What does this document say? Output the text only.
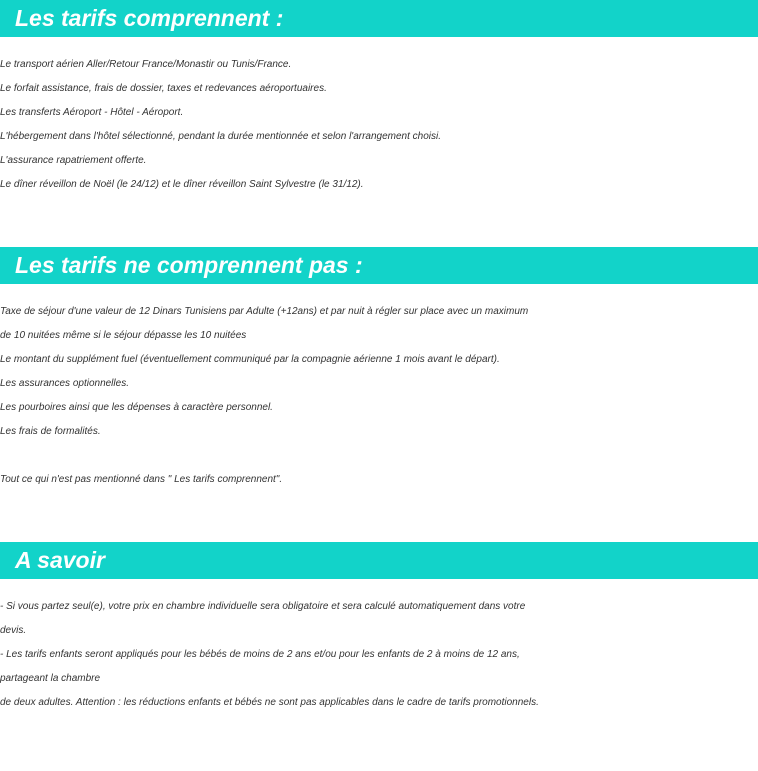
Les tarifs comprennent :

Le transport aérien Aller/Retour France/Monastir ou Tunis/France.

Le forfait assistance, frais de dossier, taxes et redevances aéroportuaires.

Les transferts Aéroport - Hôtel - Aéroport.

L'hébergement dans l'hôtel sélectionné, pendant la durée mentionnée et selon l'arrangement choisi.

L'assurance rapatriement offerte.

Le dîner réveillon de Noël (le 24/12) et le dîner réveillon Saint Sylvestre (le 31/12).

Les tarifs ne comprennent pas :

Taxe de séjour d'une valeur de 12 Dinars Tunisiens par Adulte (+12ans) et par nuit à régler sur place avec un maximum

de 10 nuitées même si le séjour dépasse les 10 nuitées

Le montant du supplément fuel (éventuellement communiqué par la compagnie aérienne 1 mois avant le départ).

Les assurances optionnelles.

Les pourboires ainsi que les dépenses à caractère personnel.

Les frais de formalités.

Tout ce qui n'est pas mentionné dans " Les tarifs comprennent".

A savoir

- Si vous partez seul(e), votre prix en chambre individuelle sera obligatoire et sera calculé automatiquement dans votre

devis.

- Les tarifs enfants seront appliqués pour les bébés de moins de 2 ans et/ou pour les enfants de 2 à moins de 12 ans,

partageant la chambre

de deux adultes. Attention : les réductions enfants et bébés ne sont pas applicables dans le cadre de tarifs promotionnels.
